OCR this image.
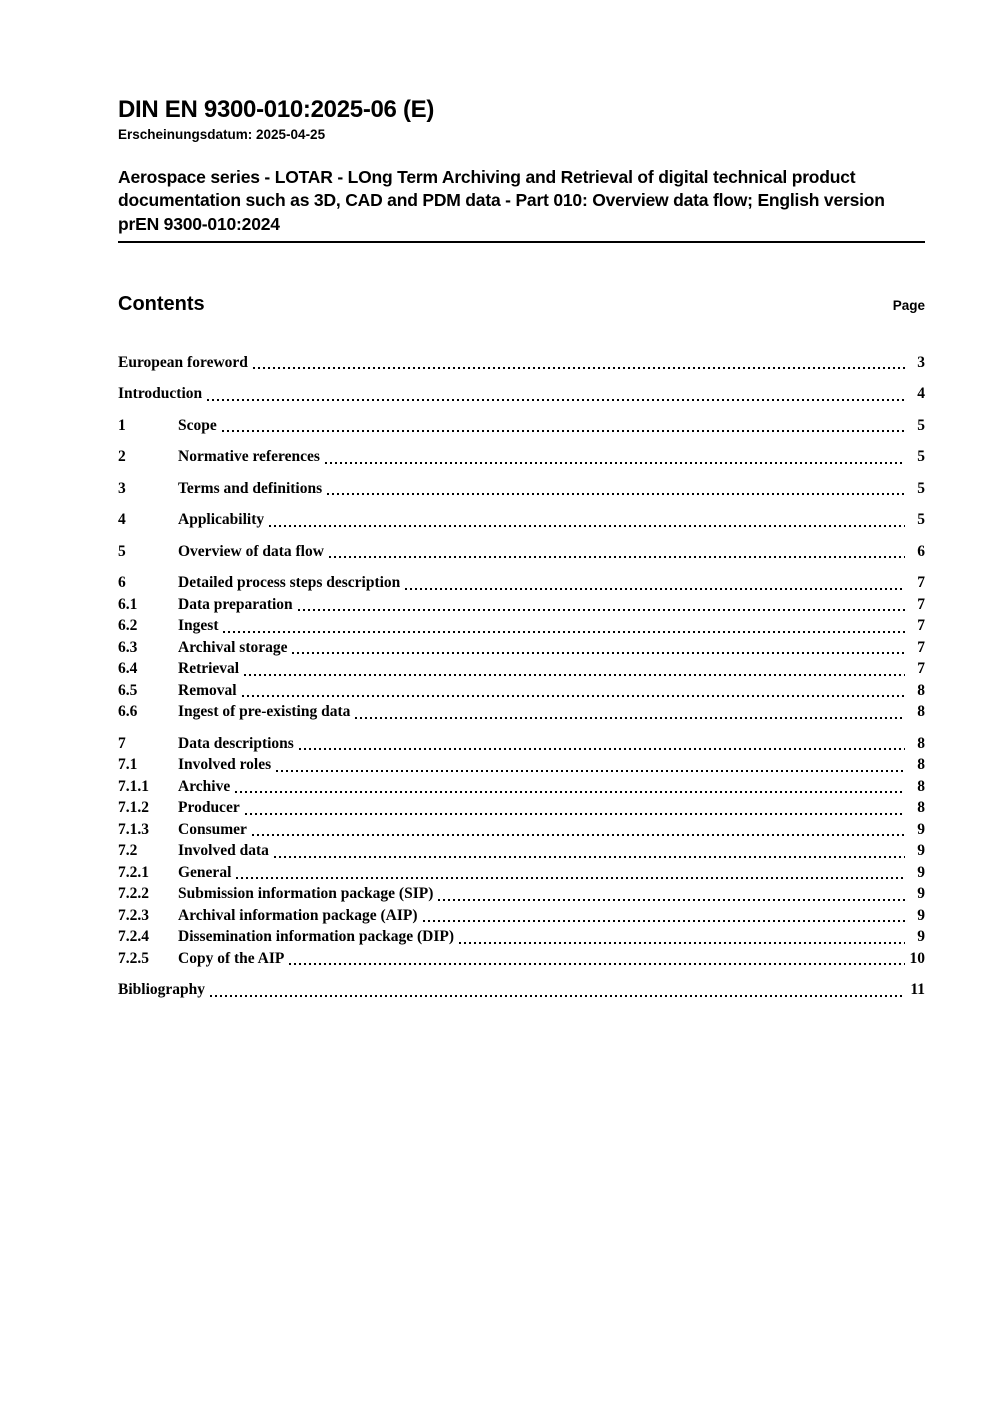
DIN EN 9300-010:2025-06 (E)
Erscheinungsdatum: 2025-04-25
Aerospace series - LOTAR - LOng Term Archiving and Retrieval of digital technical product documentation such as 3D, CAD and PDM data - Part 010: Overview data flow; English version prEN 9300-010:2024
Contents	Page
European foreword	3
Introduction	4
1	Scope	5
2	Normative references	5
3	Terms and definitions	5
4	Applicability	5
5	Overview of data flow	6
6	Detailed process steps description	7
6.1	Data preparation	7
6.2	Ingest	7
6.3	Archival storage	7
6.4	Retrieval	7
6.5	Removal	8
6.6	Ingest of pre-existing data	8
7	Data descriptions	8
7.1	Involved roles	8
7.1.1	Archive	8
7.1.2	Producer	8
7.1.3	Consumer	9
7.2	Involved data	9
7.2.1	General	9
7.2.2	Submission information package (SIP)	9
7.2.3	Archival information package (AIP)	9
7.2.4	Dissemination information package (DIP)	9
7.2.5	Copy of the AIP	10
Bibliography	11
